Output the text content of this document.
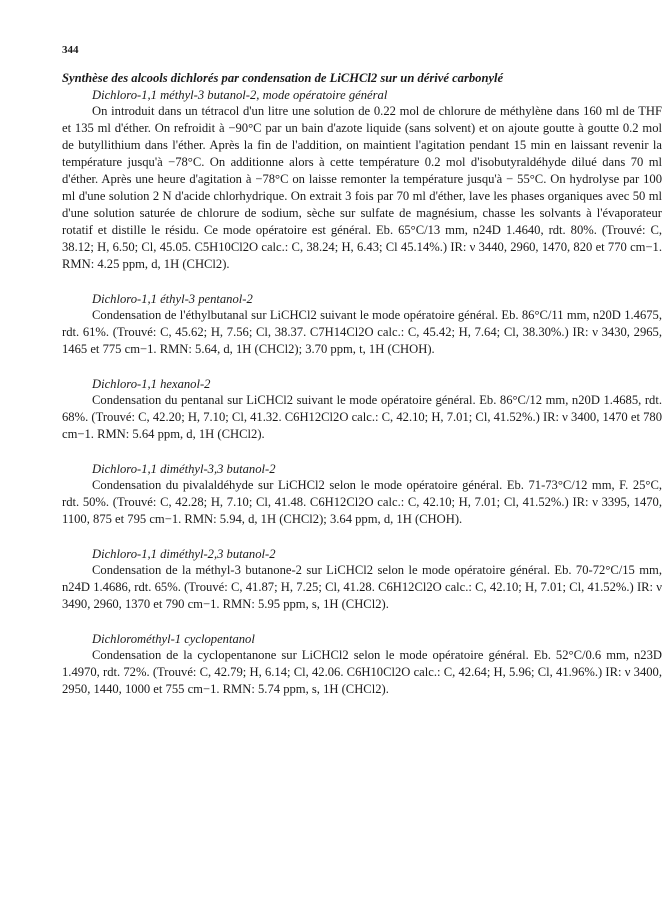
344

Synthèse des alcools dichlorés par condensation de LiCHCl2 sur un dérivé carbonylé

Dichloro-1,1 méthyl-3 butanol-2, mode opératoire général

On introduit dans un tétracol d'un litre une solution de 0.22 mol de chlorure de méthylène dans 160 ml de THF et 135 ml d'éther. On refroidit à −90°C par un bain d'azote liquide (sans solvent) et on ajoute goutte à goutte 0.2 mol de butyllithium dans l'éther. Après la fin de l'addition, on maintient l'agitation pendant 15 min en laissant revenir la température jusqu'à −78°C. On additionne alors à cette température 0.2 mol d'isobutyraldéhyde dilué dans 70 ml d'éther. Après une heure d'agitation à −78°C on laisse remonter la température jusqu'à − 55°C. On hydrolyse par 100 ml d'une solution 2 N d'acide chlorhydrique. On extrait 3 fois par 70 ml d'éther, lave les phases organiques avec 50 ml d'une solution saturée de chlorure de sodium, sèche sur sulfate de magnésium, chasse les solvants à l'évaporateur rotatif et distille le résidu. Ce mode opératoire est général. Eb. 65°C/13 mm, n24D 1.4640, rdt. 80%. (Trouvé: C, 38.12; H, 6.50; Cl, 45.05. C5H10Cl2O calc.: C, 38.24; H, 6.43; Cl 45.14%.) IR: ν 3440, 2960, 1470, 820 et 770 cm−1. RMN: 4.25 ppm, d, 1H (CHCl2).

Dichloro-1,1 éthyl-3 pentanol-2

Condensation de l'éthylbutanal sur LiCHCl2 suivant le mode opératoire général. Eb. 86°C/11 mm, n20D 1.4675, rdt. 61%. (Trouvé: C, 45.62; H, 7.56; Cl, 38.37. C7H14Cl2O calc.: C, 45.42; H, 7.64; Cl, 38.30%.) IR: ν 3430, 2965, 1465 et 775 cm−1. RMN: 5.64, d, 1H (CHCl2); 3.70 ppm, t, 1H (CHOH).

Dichloro-1,1 hexanol-2

Condensation du pentanal sur LiCHCl2 suivant le mode opératoire général. Eb. 86°C/12 mm, n20D 1.4685, rdt. 68%. (Trouvé: C, 42.20; H, 7.10; Cl, 41.32. C6H12Cl2O calc.: C, 42.10; H, 7.01; Cl, 41.52%.) IR: ν 3400, 1470 et 780 cm−1. RMN: 5.64 ppm, d, 1H (CHCl2).

Dichloro-1,1 diméthyl-3,3 butanol-2

Condensation du pivalaldéhyde sur LiCHCl2 selon le mode opératoire général. Eb. 71-73°C/12 mm, F. 25°C, rdt. 50%. (Trouvé: C, 42.28; H, 7.10; Cl, 41.48. C6H12Cl2O calc.: C, 42.10; H, 7.01; Cl, 41.52%.) IR: ν 3395, 1470, 1100, 875 et 795 cm−1. RMN: 5.94, d, 1H (CHCl2); 3.64 ppm, d, 1H (CHOH).

Dichloro-1,1 diméthyl-2,3 butanol-2

Condensation de la méthyl-3 butanone-2 sur LiCHCl2 selon le mode opératoire général. Eb. 70-72°C/15 mm, n24D 1.4686, rdt. 65%. (Trouvé: C, 41.87; H, 7.25; Cl, 41.28. C6H12Cl2O calc.: C, 42.10; H, 7.01; Cl, 41.52%.) IR: ν 3490, 2960, 1370 et 790 cm−1. RMN: 5.95 ppm, s, 1H (CHCl2).

Dichlorométhyl-1 cyclopentanol

Condensation de la cyclopentanone sur LiCHCl2 selon le mode opératoire général. Eb. 52°C/0.6 mm, n23D 1.4970, rdt. 72%. (Trouvé: C, 42.79; H, 6.14; Cl, 42.06. C6H10Cl2O calc.: C, 42.64; H, 5.96; Cl, 41.96%.) IR: ν 3400, 2950, 1440, 1000 et 755 cm−1. RMN: 5.74 ppm, s, 1H (CHCl2).
